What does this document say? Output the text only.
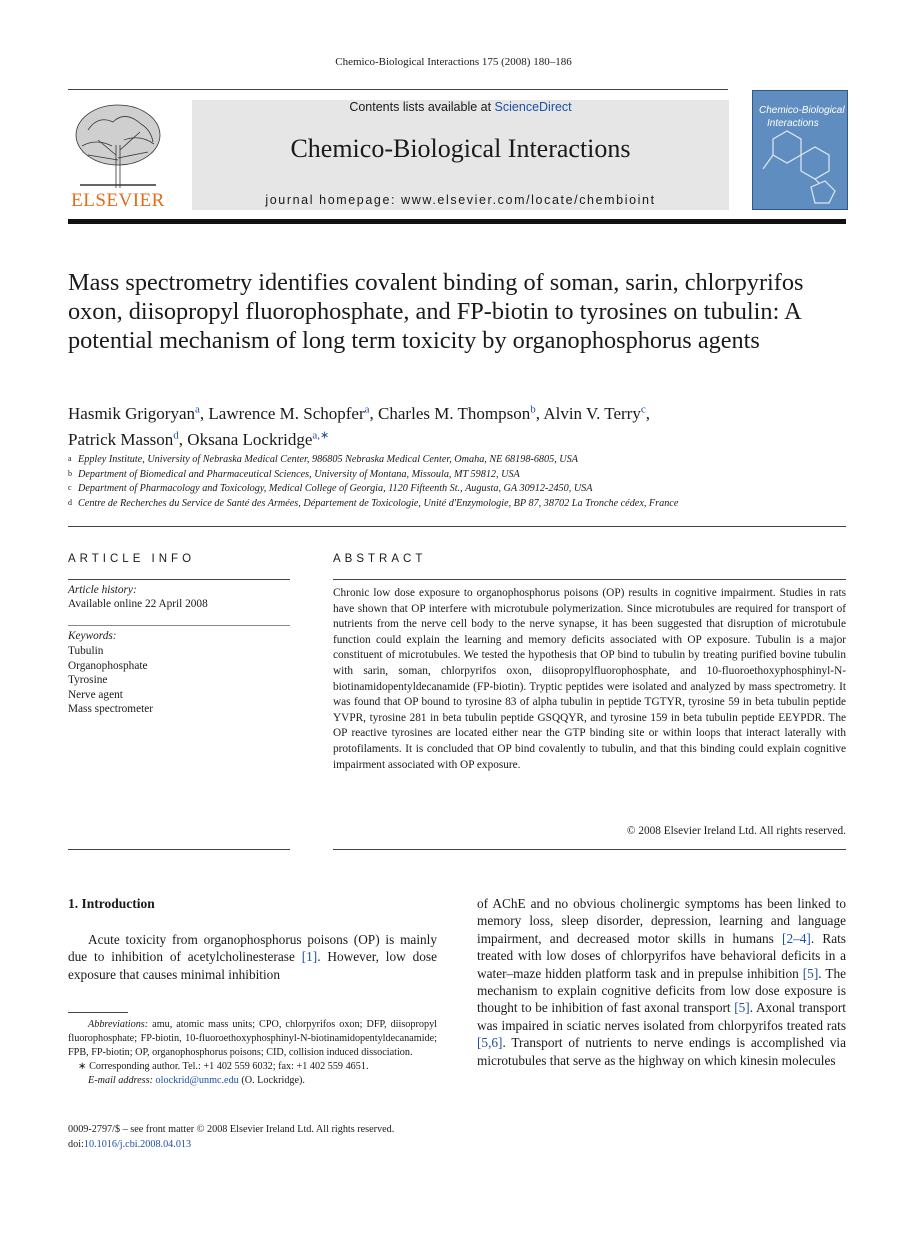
Chemico-Biological Interactions 175 (2008) 180–186
ELSEVIER
Contents lists available at ScienceDirect
Chemico-Biological Interactions
journal homepage: www.elsevier.com/locate/chembioint
Chemico-Biological
Interactions
Mass spectrometry identifies covalent binding of soman, sarin, chlorpyrifos oxon, diisopropyl fluorophosphate, and FP-biotin to tyrosines on tubulin: A potential mechanism of long term toxicity by organophosphorus agents
Hasmik Grigoryan$^a$, Lawrence M. Schopfer$^a$, Charles M. Thompson$^b$, Alvin V. Terry$^c$,
Patrick Masson$^d$, Oksana Lockridge$^{a,∗}$
a Eppley Institute, University of Nebraska Medical Center, 986805 Nebraska Medical Center, Omaha, NE 68198-6805, USA
b Department of Biomedical and Pharmaceutical Sciences, University of Montana, Missoula, MT 59812, USA
c Department of Pharmacology and Toxicology, Medical College of Georgia, 1120 Fifteenth St., Augusta, GA 30912-2450, USA
d Centre de Recherches du Service de Santé des Armées, Département de Toxicologie, Unité d'Enzymologie, BP 87, 38702 La Tronche cédex, France
ARTICLE INFO	ABSTRACT
Article history:
Available online 22 April 2008
Keywords:
Tubulin
Organophosphate
Tyrosine
Nerve agent
Mass spectrometer
Chronic low dose exposure to organophosphorus poisons (OP) results in cognitive impairment. Studies in rats have shown that OP interfere with microtubule polymerization. Since microtubules are required for transport of nutrients from the nerve cell body to the nerve synapse, it has been suggested that disruption of microtubule function could explain the learning and memory deficits associated with OP exposure. Tubulin is a major constituent of microtubules. We tested the hypothesis that OP bind to tubulin by treating purified bovine tubulin with sarin, soman, chlorpyrifos oxon, diisopropylfluorophosphate, and 10-fluoroethoxyphosphinyl-N-biotinamidopentyldecanamide (FP-biotin). Tryptic peptides were isolated and analyzed by mass spectrometry. It was found that OP bound to tyrosine 83 of alpha tubulin in peptide TGTYR, tyrosine 59 in beta tubulin peptide YVPR, tyrosine 281 in beta tubulin peptide GSQQYR, and tyrosine 159 in beta tubulin peptide EEYPDR. The OP reactive tyrosines are located either near the GTP binding site or within loops that interact laterally with protofilaments. It is concluded that OP bind covalently to tubulin, and that this binding could explain cognitive impairment associated with OP exposure.
© 2008 Elsevier Ireland Ltd. All rights reserved.
1. Introduction
Acute toxicity from organophosphorus poisons (OP) is mainly due to inhibition of acetylcholinesterase [1]. However, low dose exposure that causes minimal inhibition
of AChE and no obvious cholinergic symptoms has been linked to memory loss, sleep disorder, depression, learning and language impairment, and decreased motor skills in humans [2–4]. Rats treated with low doses of chlorpyrifos have behavioral deficits in a water–maze hidden platform task and in prepulse inhibition [5]. The mechanism to explain cognitive deficits from low dose exposure is thought to be inhibition of fast axonal transport [5]. Axonal transport was impaired in sciatic nerves isolated from chlorpyrifos treated rats [5,6]. Transport of nutrients to nerve endings is accomplished via microtubules that serve as the highway on which kinesin molecules
Abbreviations: amu, atomic mass units; CPO, chlorpyrifos oxon; DFP, diisopropyl fluorophosphate; FP-biotin, 10-fluoroethoxyphosphinyl-N-biotinamidopentyldecanamide; FPB, FP-biotin; OP, organophosphorus poisons; CID, collision induced dissociation.
∗ Corresponding author. Tel.: +1 402 559 6032; fax: +1 402 559 4651.
E-mail address: olockrid@unmc.edu (O. Lockridge).
0009-2797/$ – see front matter © 2008 Elsevier Ireland Ltd. All rights reserved.
doi:10.1016/j.cbi.2008.04.013
